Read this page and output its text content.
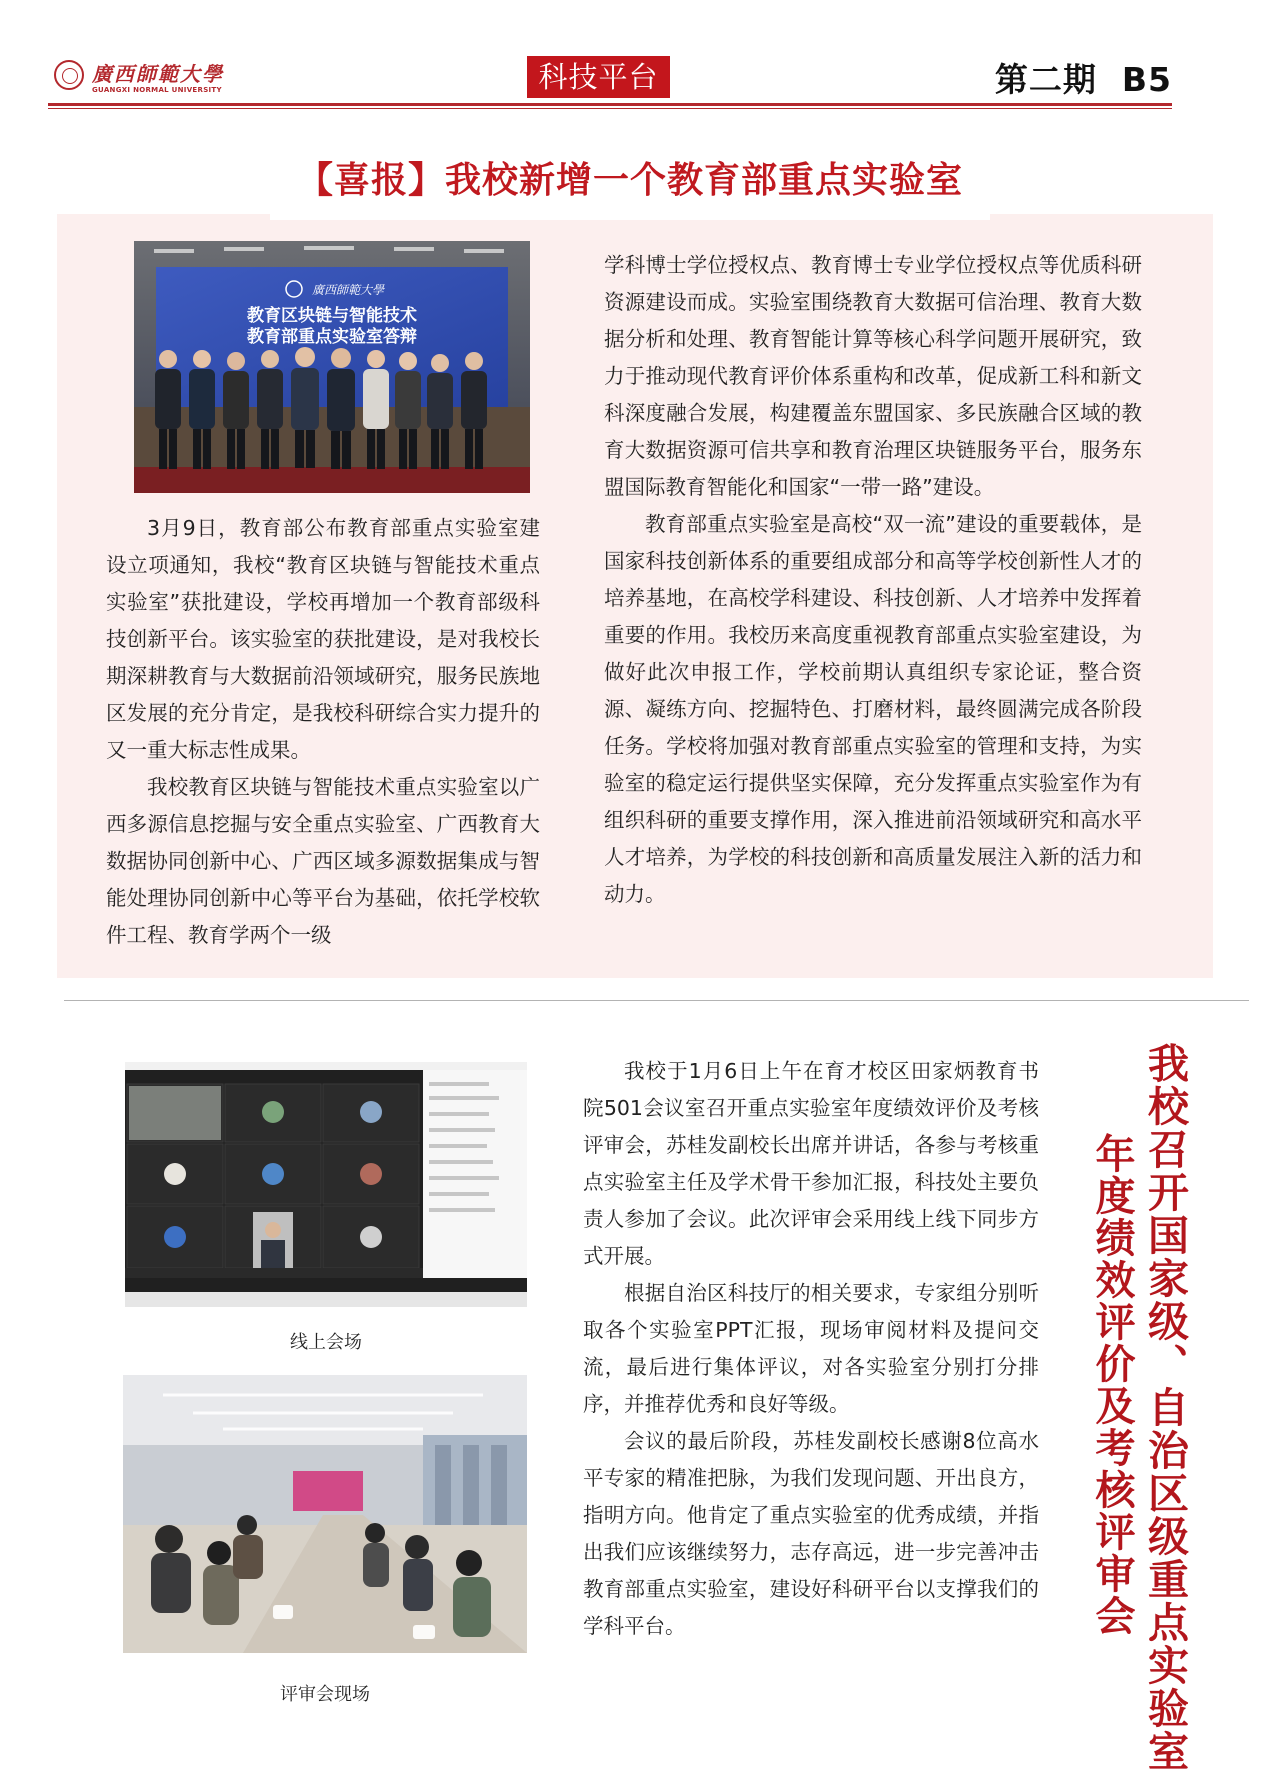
廣西師範大學
GUANGXI NORMAL UNIVERSITY	科技平台	第二期  B5
【喜报】我校新增一个教育部重点实验室
廣西師範大學
教育区块链与智能技术
教育部重点实验室答辩

3月9日，教育部公布教育部重点实验室建设立项通知，我校“教育区块链与智能技术重点实验室”获批建设，学校再增加一个教育部级科技创新平台。该实验室的获批建设，是对我校长期深耕教育与大数据前沿领域研究，服务民族地区发展的充分肯定，是我校科研综合实力提升的又一重大标志性成果。

我校教育区块链与智能技术重点实验室以广西多源信息挖掘与安全重点实验室、广西教育大数据协同创新中心、广西区域多源数据集成与智能处理协同创新中心等平台为基础，依托学校软件工程、教育学两个一级

学科博士学位授权点、教育博士专业学位授权点等优质科研资源建设而成。实验室围绕教育大数据可信治理、教育大数据分析和处理、教育智能计算等核心科学问题开展研究，致力于推动现代教育评价体系重构和改革，促成新工科和新文科深度融合发展，构建覆盖东盟国家、多民族融合区域的教育大数据资源可信共享和教育治理区块链服务平台，服务东盟国际教育智能化和国家“一带一路”建设。

教育部重点实验室是高校“双一流”建设的重要载体，是国家科技创新体系的重要组成部分和高等学校创新性人才的培养基地，在高校学科建设、科技创新、人才培养中发挥着重要的作用。我校历来高度重视教育部重点实验室建设，为做好此次申报工作，学校前期认真组织专家论证，整合资源、凝练方向、挖掘特色、打磨材料，最终圆满完成各阶段任务。学校将加强对教育部重点实验室的管理和支持，为实验室的稳定运行提供坚实保障，充分发挥重点实验室作为有组织科研的重要支撑作用，深入推进前沿领域研究和高水平人才培养，为学校的科技创新和高质量发展注入新的活力和动力。

线上会场
评审会现场

我校于1月6日上午在育才校区田家炳教育书院501会议室召开重点实验室年度绩效评价及考核评审会，苏桂发副校长出席并讲话，各参与考核重点实验室主任及学术骨干参加汇报，科技处主要负责人参加了会议。此次评审会采用线上线下同步方式开展。

根据自治区科技厅的相关要求，专家组分别听取各个实验室PPT汇报，现场审阅材料及提问交流，最后进行集体评议，对各实验室分别打分排序，并推荐优秀和良好等级。

会议的最后阶段，苏桂发副校长感谢8位高水平专家的精准把脉，为我们发现问题、开出良方，指明方向。他肯定了重点实验室的优秀成绩，并指出我们应该继续努力，志存高远，进一步完善冲击教育部重点实验室，建设好科研平台以支撑我们的学科平台。	我校召开国家级、自治区级重点实验室
年度绩效评价及考核评审会
